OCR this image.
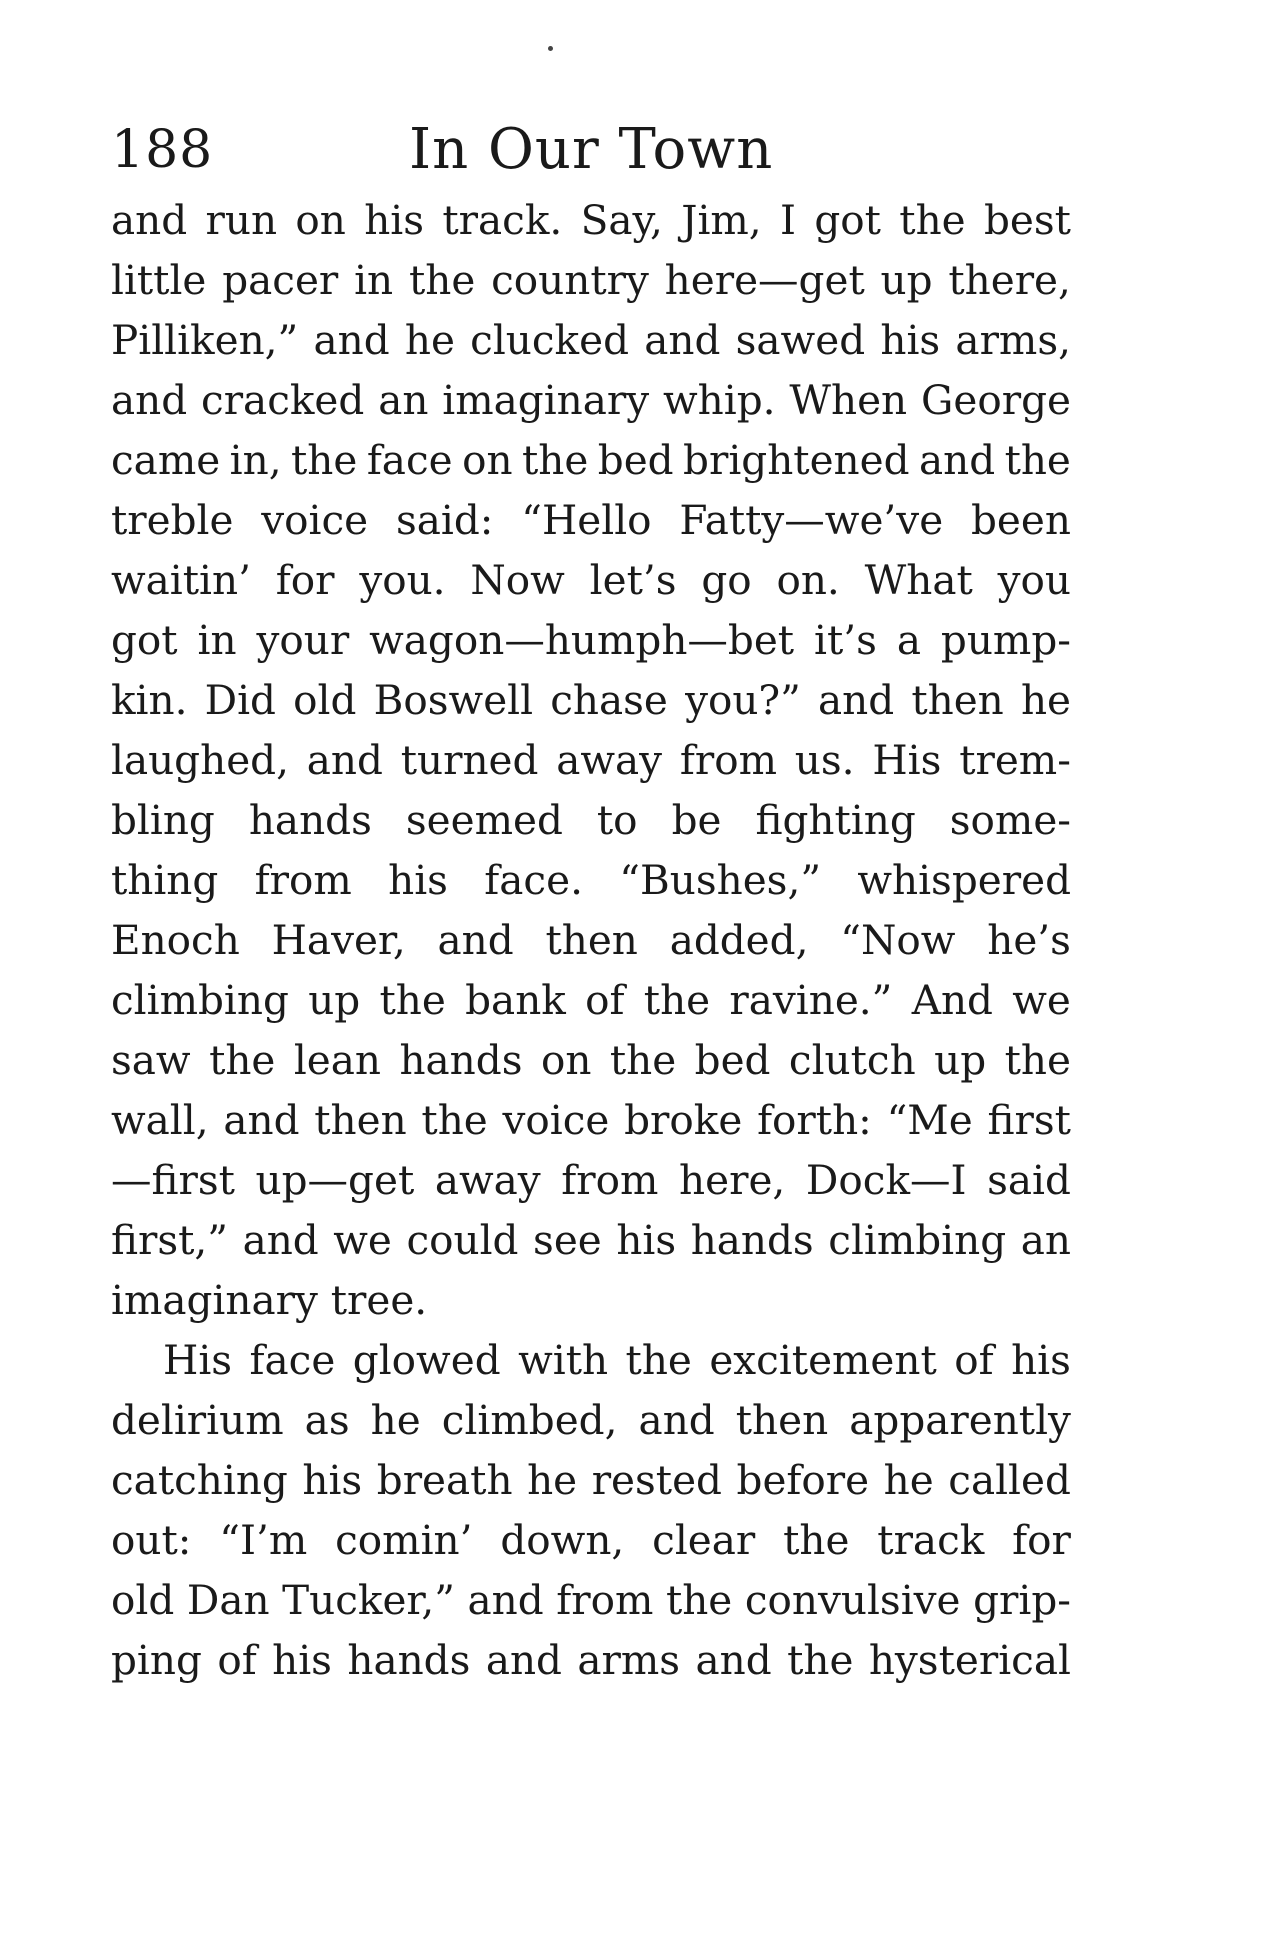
188	In Our Town
and run on his track. Say, Jim, I got the best
little pacer in the country here—get up there,
Pilliken,” and he clucked and sawed his arms,
and cracked an imaginary whip. When George
came in, the face on the bed brightened and the
treble voice said: “Hello Fatty—we’ve been
waitin’ for you. Now let’s go on. What you
got in your wagon—humph—bet it’s a pump-
kin. Did old Boswell chase you?” and then he
laughed, and turned away from us. His trem-
bling hands seemed to be fighting some-
thing from his face. “Bushes,” whispered
Enoch Haver, and then added, “Now he’s
climbing up the bank of the ravine.” And we
saw the lean hands on the bed clutch up the
wall, and then the voice broke forth: “Me first
—first up—get away from here, Dock—I said
first,” and we could see his hands climbing an
imaginary tree.
His face glowed with the excitement of his
delirium as he climbed, and then apparently
catching his breath he rested before he called
out: “I’m comin’ down, clear the track for
old Dan Tucker,” and from the convulsive grip-
ping of his hands and arms and the hysterical
